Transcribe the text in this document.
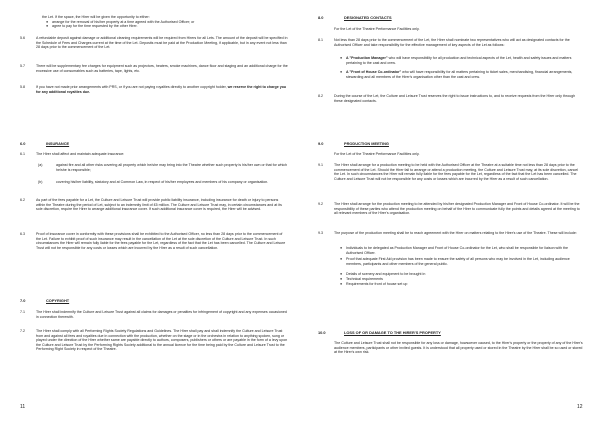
the Let. If the space, the Hirer will be given the opportunity to either:
● arrange for the removal of his/her property at a time agreed with the Authorised Officer; or
● agree to pay for the time requested by the other Hirer.
5.6	A refundable deposit against damage or additional cleaning requirements will be required from Hirers for all Lets. The amount of the deposit will be specified in the Schedule of Fees and Charges current at the time of the Let. Deposits must be paid at the Production Meeting, if applicable, but in any event not less than 28 days prior to the commencement of the Let.
5.7	There will be supplementary fee charges for equipment such as projectors, heaters, smoke machines, dance floor and staging and an additional charge for the excessive use of consumables such as batteries, tape, lights, etc.
5.8	If you have not made prior arrangements with PRS, or if you are not paying royalties directly to another copyright holder, we reserve the right to charge you for any additional royalties due.
6.0	INSURANCE
6.1	The Hirer shall affect and maintain adequate insurance:
(a)	against fire and all other risks covering all property which he/she may bring into the Theatre whether such property is his/her own or that for which he/she is responsible;
(b)	covering his/her liability, statutory and at Common Law, in respect of his/her employees and members of his company or organisation.
6.2	As part of the fees payable for a Let, the Culture and Leisure Trust will provide public liability insurance, including insurance for death or injury to persons within the Theatre during the period of Let, subject to an indemnity limit of £5 million. The Culture and Leisure Trust may, in certain circumstances and at its sole discretion, require the Hirer to arrange additional insurance cover. If such additional insurance cover is required, the Hirer will be advised.
6.3	Proof of insurance cover in conformity with these provisions shall be exhibited to the Authorised Officer, no less than 28 days prior to the commencement of the Let. Failure to exhibit proof of such insurance may result in the cancellation of the Let at the sole discretion of the Culture and Leisure Trust. In such circumstances the Hirer will remain fully liable for the fees payable for the Let, regardless of the fact that the Let has been cancelled. The Culture and Leisure Trust will not be responsible for any costs or losses which are incurred by the Hirer as a result of such cancellation.
7.0	COPYRIGHT
7.1	The Hirer shall indemnify the Culture and Leisure Trust against all claims for damages or penalties for infringement of copyright and any expenses occasioned in connection therewith.
7.2	The Hirer shall comply with all Performing Rights Society Regulations and Guidelines. The Hirer shall pay and shall indemnify the Culture and Leisure Trust from and against all fees and royalties due in connection with the production, whether on the stage or in the orchestra in relation to anything spoken, sung or played under the direction of the Hirer whether same are payable directly to authors, composers, publishers or others or are payable in the form of a levy upon the Culture and Leisure Trust by the Performing Rights Society additional to the annual licence for the time being paid by the Culture and Leisure Trust to the Performing Right Society in respect of the Theatre.
11
8.0	DESIGNATED CONTACTS
For the Let of the Theatre Performance Facilities only.
8.1	Not less than 28 days prior to the commencement of the Let, the Hirer shall nominate two representatives who will act as designated contacts for the Authorised Officer and take responsibility for the effective management of key aspects of the Let as follows:
● A "Production Manager" who will have responsibility for all production and technical aspects of the Let, health and safety issues and matters pertaining to the cast and crew.
● A "Front of House Co-ordinator" who will have responsibility for all matters pertaining to ticket sales, merchandising, financial arrangements, stewarding and all members of the Hirer's organisation other than the cast and crew.
8.2	During the course of the Let, the Culture and Leisure Trust reserves the right to issue instructions to, and to receive requests from the Hirer only through these designated contacts.
9.0	PRODUCTION MEETING
For the Let of the Theatre Performance Facilities only.
9.1	The Hirer shall arrange for a production meeting to be held with the Authorised Officer at the Theatre at a suitable time not less than 28 days prior to the commencement of the Let. Should the Hirer fail to arrange or attend a production meeting, the Culture and Leisure Trust may, at its sole discretion, cancel the Let. In such circumstances the Hirer will remain fully liable for the fees payable for the Let, regardless of the fact that the Let has been cancelled. The Culture and Leisure Trust will not be responsible for any costs or losses which are incurred by the Hirer as a result of such cancellation.
9.2	The Hirer shall arrange for the production meeting to be attended by his/her designated Production Manager and Front of House Co-ordinator. It will be the responsibility of these parties who attend the production meeting on behalf of the Hirer to communicate fully the points and details agreed at the meeting to all relevant members of the Hirer's organisation.
9.3	The purpose of the production meeting shall be to reach agreement with the Hirer on matters relating to the Hirer's use of the Theatre. These will include:
● Individuals to be delegated as Production Manager and Front of House Co-ordinator for the Let, who shall be responsible for liaison with the Authorised Officer.
● Proof that adequate First Aid provision has been made to ensure the safety of all persons who may be involved in the Let, including audience members, participants and other members of the general public.
● Details of scenery and equipment to be brought in
● Technical requirements
● Requirements for front of house set up
10.0	LOSS OF OR DAMAGE TO THE HIRER'S PROPERTY
The Culture and Leisure Trust shall not be responsible for any loss or damage, howsoever caused, to the Hirer's property or the property of any of the Hirer's audience members, participants or other invited guests. It is understood that all property used or stored in the Theatre by the Hirer shall be so used or stored at the Hirer's own risk.
12
